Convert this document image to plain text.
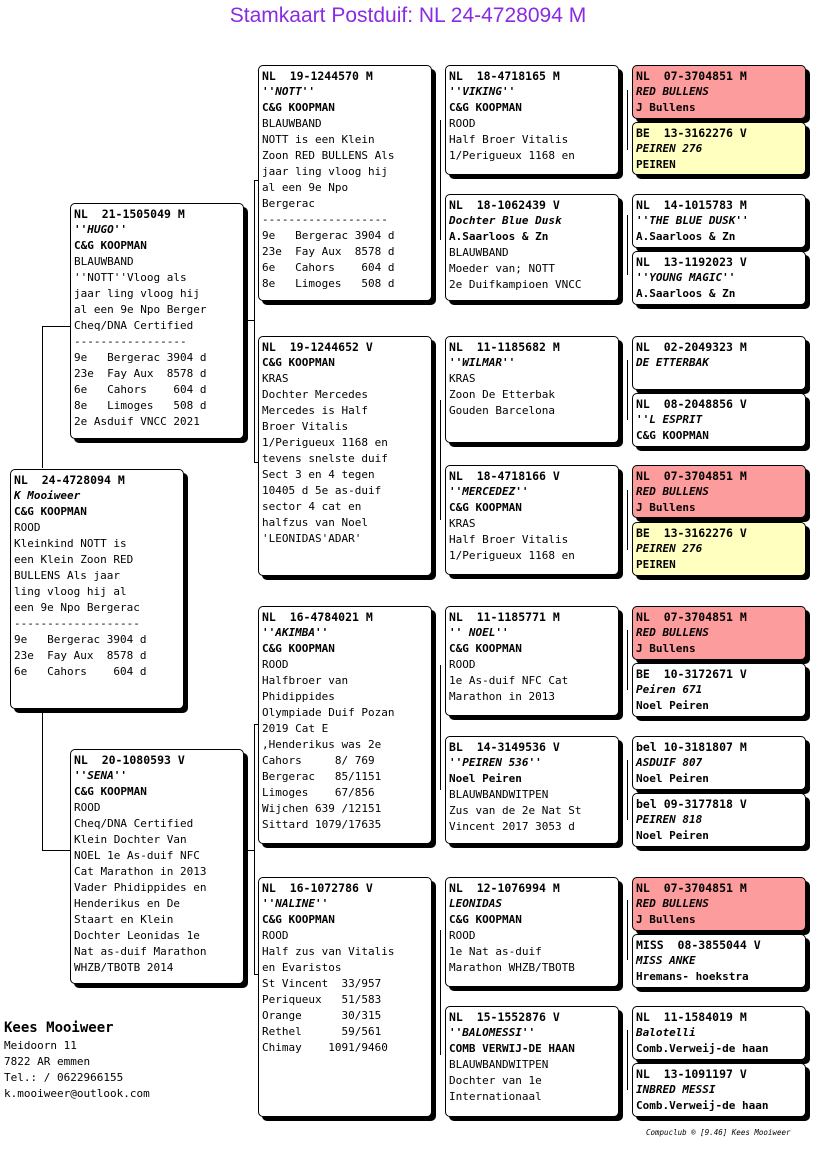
Stamkaart Postduif: NL 24-4728094 M
NL  24-4728094 M
K Mooiweer
C&G KOOPMAN
ROOD
Kleinkind NOTT is
een Klein Zoon RED
BULLENS Als jaar
ling vloog hij al
een 9e Npo Bergerac
-------------------
9e   Bergerac 3904 d
23e  Fay Aux  8578 d
6e   Cahors    604 d
NL  21-1505049 M
''HUGO''
C&G KOOPMAN
BLAUWBAND
''NOTT''Vloog als
jaar ling vloog hij
al een 9e Npo Berger
Cheq/DNA Certified
-----------------
9e   Bergerac 3904 d
23e  Fay Aux  8578 d
6e   Cahors    604 d
8e   Limoges   508 d
2e Asduif VNCC 2021
NL  20-1080593 V
''SENA''
C&G KOOPMAN
ROOD
Cheq/DNA Certified
Klein Dochter Van
NOEL 1e As-duif NFC
Cat Marathon in 2013
Vader Phidippides en
Henderikus en De
Staart en Klein
Dochter Leonidas 1e
Nat as-duif Marathon
WHZB/TBOTB 2014
NL  19-1244570 M
''NOTT''
C&G KOOPMAN
BLAUWBAND
NOTT is een Klein
Zoon RED BULLENS Als
jaar ling vloog hij
al een 9e Npo
Bergerac
-------------------
9e   Bergerac 3904 d
23e  Fay Aux  8578 d
6e   Cahors    604 d
8e   Limoges   508 d
NL  19-1244652 V
C&G KOOPMAN
KRAS
Dochter Mercedes
Mercedes is Half
Broer Vitalis
1/Perigueux 1168 en
tevens snelste duif
Sect 3 en 4 tegen
10405 d 5e as-duif
sector 4 cat en
halfzus van Noel
'LEONIDAS'ADAR'
NL  16-4784021 M
''AKIMBA''
C&G KOOPMAN
ROOD
Halfbroer van
Phidippides
Olympiade Duif Pozan
2019 Cat E
,Henderikus was 2e
Cahors     8/ 769
Bergerac   85/1151
Limoges    67/856
Wijchen 639 /12151
Sittard 1079/17635
NL  16-1072786 V
''NALINE''
C&G KOOPMAN
ROOD
Half zus van Vitalis
en Evaristos
St Vincent  33/957
Periqueux   51/583
Orange      30/315
Rethel      59/561
Chimay    1091/9460
NL  18-4718165 M
''VIKING''
C&G KOOPMAN
ROOD
Half Broer Vitalis
1/Perigueux 1168 en
NL  18-1062439 V
Dochter Blue Dusk
A.Saarloos & Zn
BLAUWBAND
Moeder van; NOTT
2e Duifkampioen VNCC
NL  11-1185682 M
''WILMAR''
KRAS
Zoon De Etterbak
Gouden Barcelona
NL  18-4718166 V
''MERCEDEZ''
C&G KOOPMAN
KRAS
Half Broer Vitalis
1/Perigueux 1168 en
NL  11-1185771 M
'' NOEL''
C&G KOOPMAN
ROOD
1e As-duif NFC Cat
Marathon in 2013
BL  14-3149536 V
''PEIREN 536''
Noel Peiren
BLAUWBANDWITPEN
Zus van de 2e Nat St
Vincent 2017 3053 d
NL  12-1076994 M
LEONIDAS
C&G KOOPMAN
ROOD
1e Nat as-duif
Marathon WHZB/TBOTB
NL  15-1552876 V
''BALOMESSI''
COMB VERWIJ-DE HAAN
BLAUWBANDWITPEN
Dochter van 1e
Internationaal
NL  07-3704851 M
RED BULLENS
J Bullens
BE  13-3162276 V
PEIREN 276
PEIREN
NL  14-1015783 M
''THE BLUE DUSK''
A.Saarloos & Zn
NL  13-1192023 V
''YOUNG MAGIC''
A.Saarloos & Zn
NL  02-2049323 M
DE ETTERBAK
NL  08-2048856 V
''L ESPRIT
C&G KOOPMAN
NL  07-3704851 M
RED BULLENS
J Bullens
BE  13-3162276 V
PEIREN 276
PEIREN
NL  07-3704851 M
RED BULLENS
J Bullens
BE  10-3172671 V
Peiren 671
Noel Peiren
bel 10-3181807 M
ASDUIF 807
Noel Peiren
bel 09-3177818 V
PEIREN 818
Noel Peiren
NL  07-3704851 M
RED BULLENS
J Bullens
MISS  08-3855044 V
MISS ANKE
Hremans- hoekstra
NL  11-1584019 M
Balotelli
Comb.Verweij-de haan
NL  13-1091197 V
INBRED MESSI
Comb.Verweij-de haan
Kees Mooiweer
Meidoorn 11
7822 AR emmen
Tel.: / 0622966155
k.mooiweer@outlook.com
Compuclub ® [9.46] Kees Mooiweer
